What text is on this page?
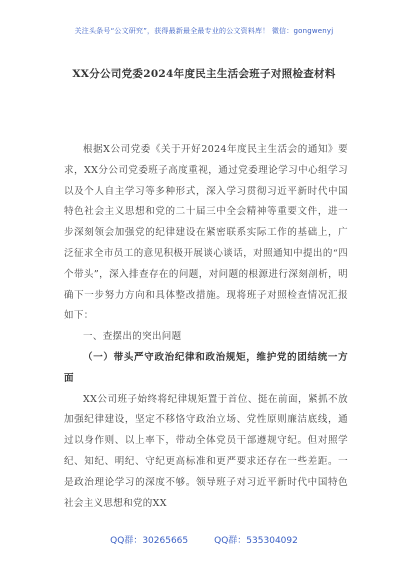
关注头条号“公文研究”，获得最新最全最专业的公文资料库！ 微信：gongwenyj
XX分公司党委2024年度民主生活会班子对照检查材料

根据X公司党委《关于开好2024年度民主生活会的通知》要求，XX分公司党委班子高度重视，通过党委理论学习中心组学习以及个人自主学习等多种形式，深入学习贯彻习近平新时代中国特色社会主义思想和党的二十届三中全会精神等重要文件，进一步深刻领会加强党的纪律建设在紧密联系实际工作的基础上，广泛征求全市员工的意见积极开展谈心谈话，对照通知中提出的“四个带头”，深入排查存在的问题，对问题的根源进行深刻剖析，明确下一步努力方向和具体整改措施。现将班子对照检查情况汇报如下：

一、查摆出的突出问题

（一）带头严守政治纪律和政治规矩，维护党的团结统一方面

XX公司班子始终将纪律规矩置于首位、挺在前面，紧抓不放加强纪律建设，坚定不移恪守政治立场、党性原则廉洁底线，通过以身作则、以上率下，带动全体党员干部遵规守纪。但对照学纪、知纪、明纪、守纪更高标准和更严要求还存在一些差距。一是政治理论学习的深度不够。领导班子对习近平新时代中国特色社会主义思想和党的XX

QQ群：30265665	QQ群：535304092
